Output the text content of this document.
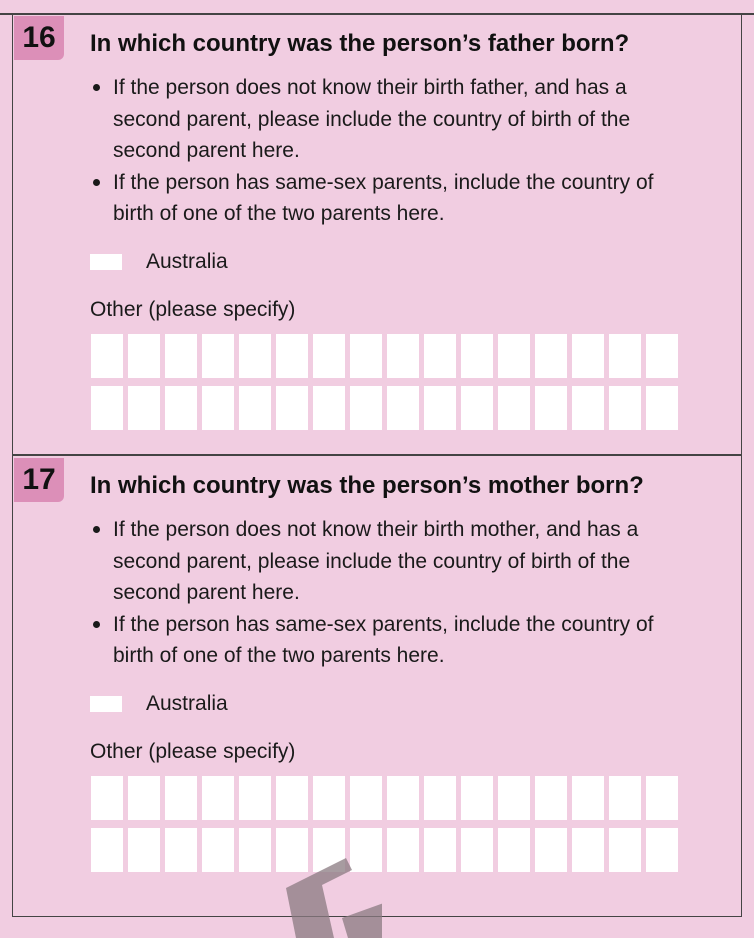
16	In which country was the person’s father born?
If the person does not know their birth father, and has a second parent, please include the country of birth of the second parent here.
If the person has same-sex parents, include the country of birth of one of the two parents here.
Australia
Other (please specify)
17	In which country was the person’s mother born?
If the person does not know their birth mother, and has a second parent, please include the country of birth of the second parent here.
If the person has same-sex parents, include the country of birth of one of the two parents here.
Australia
Other (please specify)
